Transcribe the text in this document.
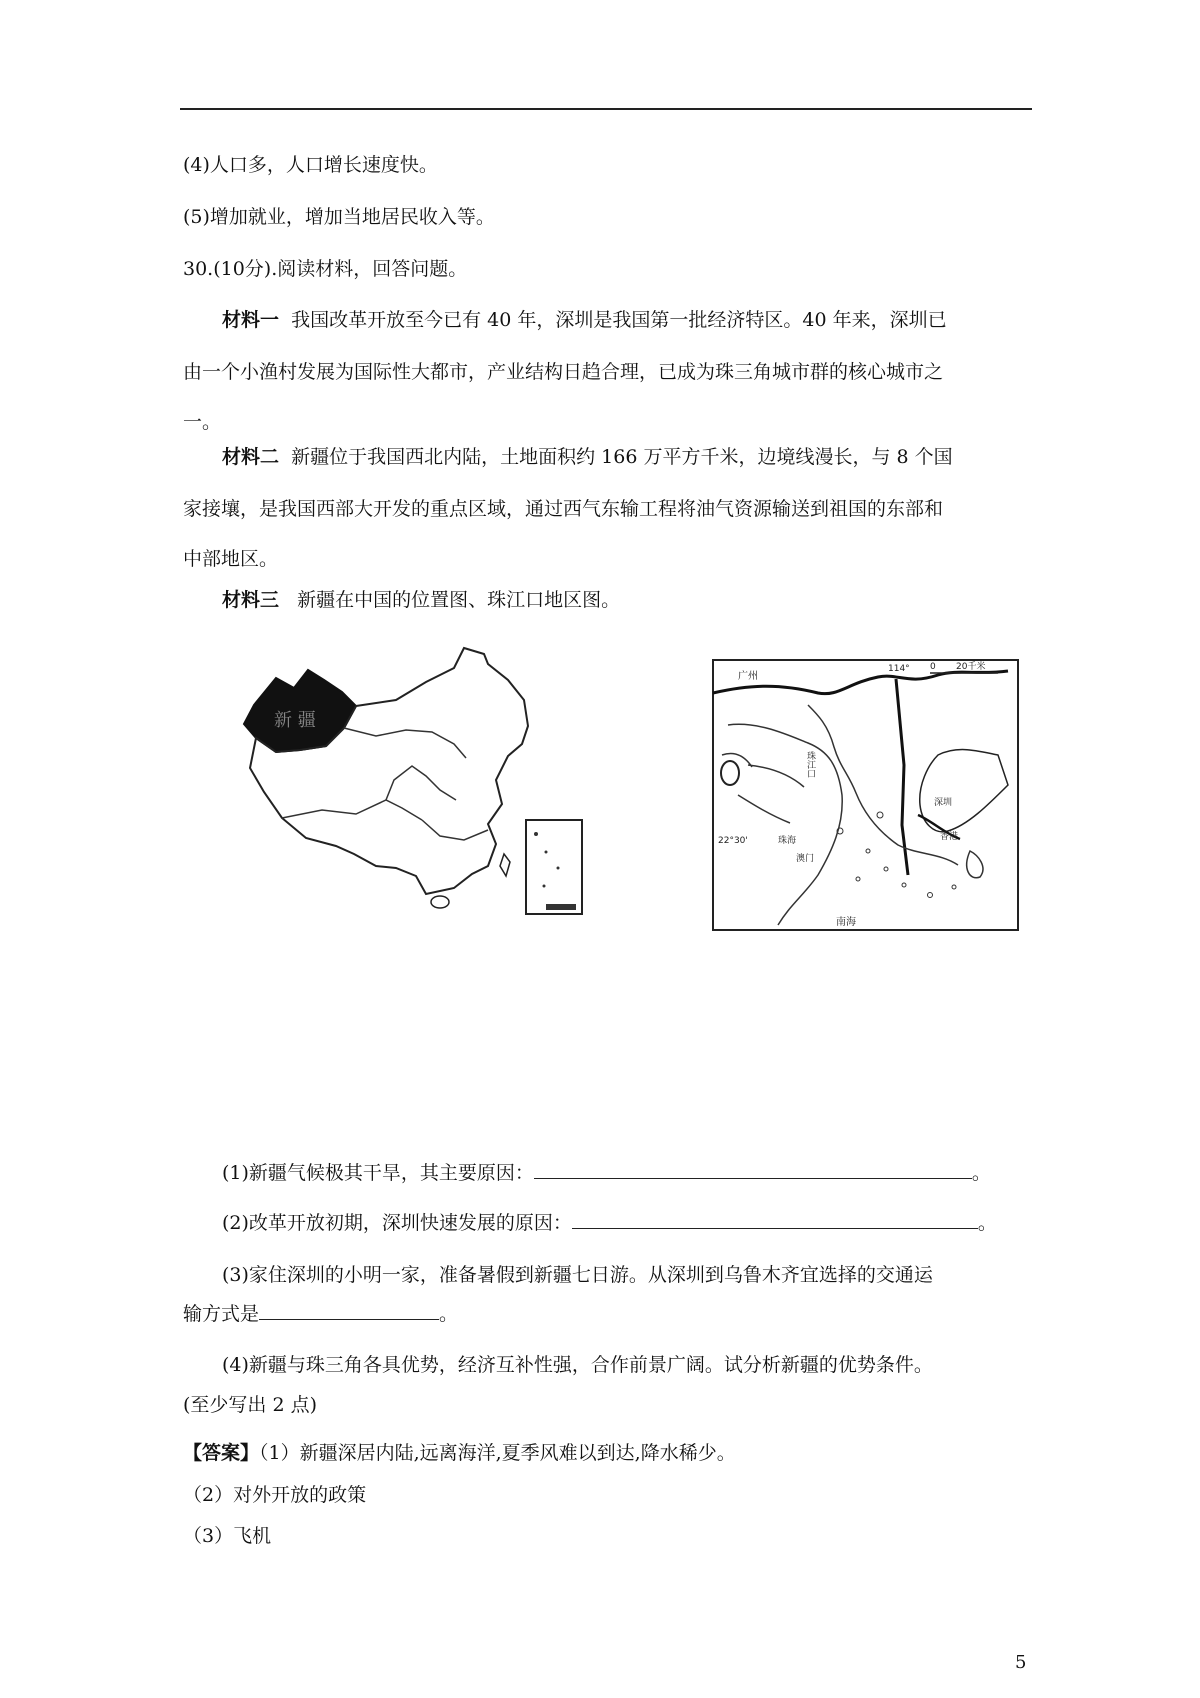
(4)人口多，人口增长速度快。
(5)增加就业，增加当地居民收入等。
30.(10分).阅读材料，回答问题。
材料一 我国改革开放至今已有 40 年，深圳是我国第一批经济特区。40 年来，深圳已
由一个小渔村发展为国际性大都市，产业结构日趋合理，已成为珠三角城市群的核心城市之
一。
材料二 新疆位于我国西北内陆，土地面积约 166 万平方千米，边境线漫长，与 8 个国
家接壤，是我国西部大开发的重点区域，通过西气东输工程将油气资源输送到祖国的东部和
中部地区。
材料三 新疆在中国的位置图、珠江口地区图。
新 疆
广州
114° 0 20千米
珠江口
22°30'	珠海
澳门
深圳
香港
南海
(1)新疆气候极其干旱，其主要原因：	。
(2)改革开放初期，深圳快速发展的原因：	。
(3)家住深圳的小明一家，准备暑假到新疆七日游。从深圳到乌鲁木齐宜选择的交通运
输方式是	。
(4)新疆与珠三角各具优势，经济互补性强，合作前景广阔。试分析新疆的优势条件。
(至少写出 2 点)
【答案】（1）新疆深居内陆,远离海洋,夏季风难以到达,降水稀少。
（2）对外开放的政策
（3）飞机
5
